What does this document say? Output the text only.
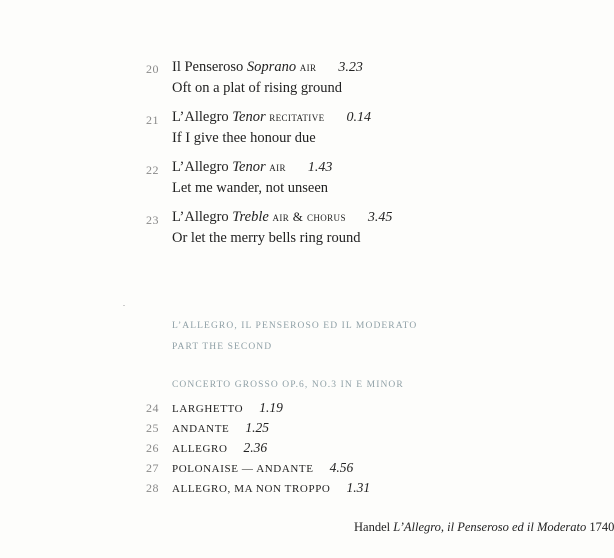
20 Il Penseroso Soprano air 3.23
Oft on a plat of rising ground
21 L’Allegro Tenor recitative 0.14
If I give thee honour due
22 L’Allegro Tenor air 1.43
Let me wander, not unseen
23 L’Allegro Treble air & chorus 3.45
Or let the merry bells ring round
L’ALLEGRO, IL PENSEROSO ED IL MODERATO
PART THE SECOND
CONCERTO GROSSO OP.6, NO.3 IN E MINOR
24	LARGHETTO 1.19
25	ANDANTE 1.25
26	ALLEGRO 2.36
27	POLONAISE — ANDANTE 4.56
28	ALLEGRO, MA NON TROPPO 1.31
Handel L’Allegro, il Penseroso ed il Moderato 1740
